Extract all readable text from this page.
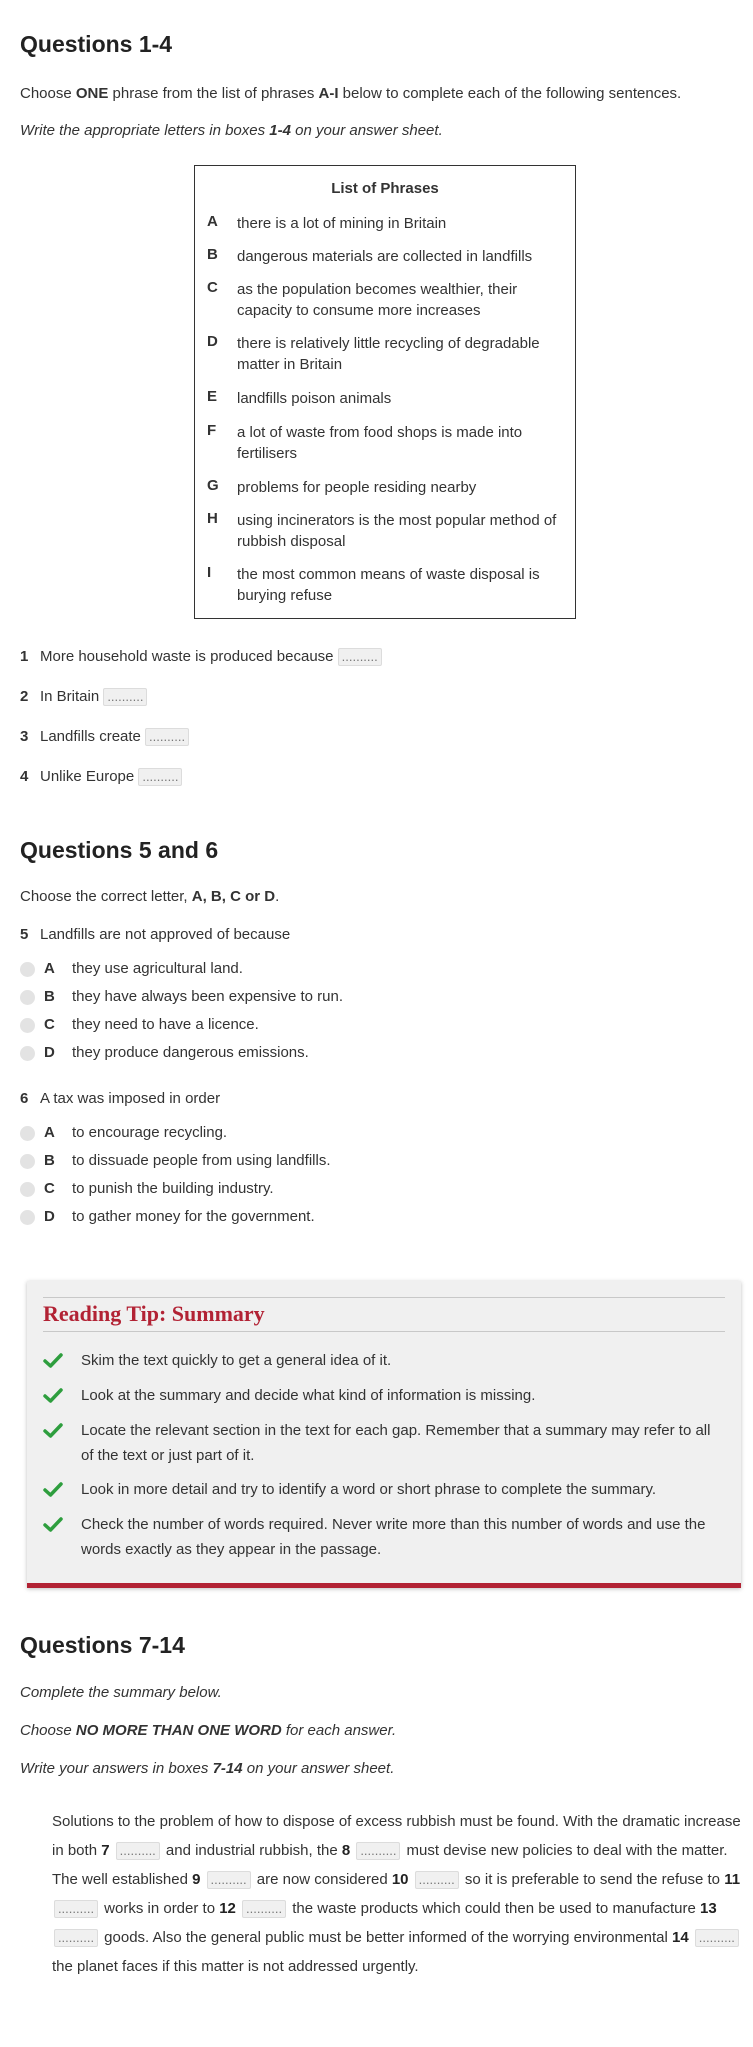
Questions 1-4

Choose ONE phrase from the list of phrases A-I below to complete each of the following sentences.

Write the appropriate letters in boxes 1-4 on your answer sheet.

List of Phrases
A	there is a lot of mining in Britain
B	dangerous materials are collected in landfills
C	as the population becomes wealthier, their capacity to consume more increases
D	there is relatively little recycling of degradable matter in Britain
E	landfills poison animals
F	a lot of waste from food shops is made into fertilisers
G	problems for people residing nearby
H	using incinerators is the most popular method of rubbish disposal
I	the most common means of waste disposal is burying refuse
1 More household waste is produced because ..........
2 In Britain ..........
3 Landfills create ..........
4 Unlike Europe ..........
Questions 5 and 6

Choose the correct letter, A, B, C or D.

5 Landfills are not approved of because
A they use agricultural land.
B they have always been expensive to run.
C they need to have a licence.
D they produce dangerous emissions.
6 A tax was imposed in order
A to encourage recycling.
B to dissuade people from using landfills.
C to punish the building industry.
D to gather money for the government.
Reading Tip: Summary
Skim the text quickly to get a general idea of it.
Look at the summary and decide what kind of information is missing.
Locate the relevant section in the text for each gap. Remember that a summary may refer to all of the text or just part of it.
Look in more detail and try to identify a word or short phrase to complete the summary.
Check the number of words required. Never write more than this number of words and use the words exactly as they appear in the passage.
Questions 7-14

Complete the summary below.

Choose NO MORE THAN ONE WORD for each answer.

Write your answers in boxes 7-14 on your answer sheet.

Solutions to the problem of how to dispose of excess rubbish must be found. With the dramatic increase in both 7 .......... and industrial rubbish, the 8 .......... must devise new policies to deal with the matter. The well established 9 .......... are now considered 10 .......... so it is preferable to send the refuse to 11 .......... works in order to 12 .......... the waste products which could then be used to manufacture 13 .......... goods. Also the general public must be better informed of the worrying environmental 14 .......... the planet faces if this matter is not addressed urgently.
